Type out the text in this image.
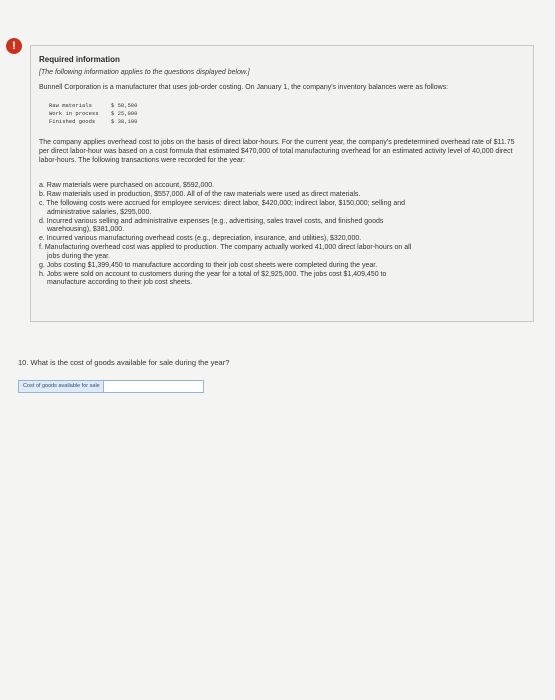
!

Required information

[The following information applies to the questions displayed below.]

Bunnell Corporation is a manufacturer that uses job-order costing. On January 1, the company's inventory balances were as follows:

Raw materials	$ 50,500
Work in process	$ 25,000
Finished goods	$ 38,100

The company applies overhead cost to jobs on the basis of direct labor-hours. For the current year, the company's predetermined overhead rate of $11.75 per direct labor-hour was based on a cost formula that estimated $470,000 of total manufacturing overhead for an estimated activity level of 40,000 direct labor-hours. The following transactions were recorded for the year:

a. Raw materials were purchased on account, $592,000.
b. Raw materials used in production, $557,000. All of of the raw materials were used as direct materials.
c. The following costs were accrued for employee services: direct labor, $420,000; indirect labor, $150,000; selling and
administrative salaries, $295,000.
d. Incurred various selling and administrative expenses (e.g., advertising, sales travel costs, and finished goods
warehousing), $381,000.
e. Incurred various manufacturing overhead costs (e.g., depreciation, insurance, and utilities), $320,000.
f. Manufacturing overhead cost was applied to production. The company actually worked 41,000 direct labor-hours on all
jobs during the year.
g. Jobs costing $1,399,450 to manufacture according to their job cost sheets were completed during the year.
h. Jobs were sold on account to customers during the year for a total of $2,925,000. The jobs cost $1,409,450 to
manufacture according to their job cost sheets.
10. What is the cost of goods available for sale during the year?
Cost of goods available for sale
